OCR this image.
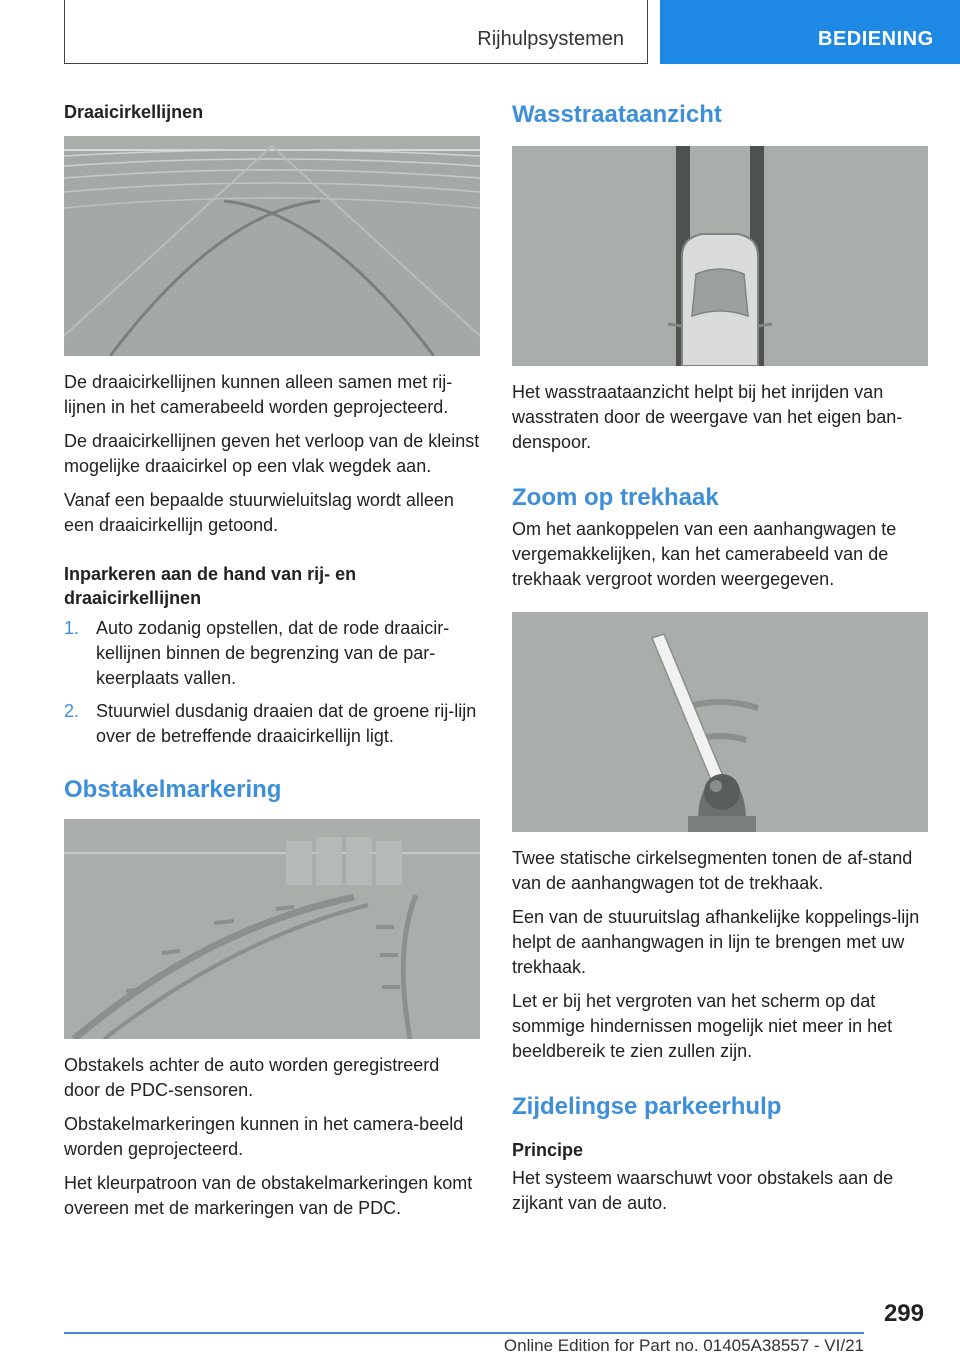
Rijhulpsystemen	BEDIENING
Draaicirkellijnen

De draaicirkellijnen kunnen alleen samen met rij-lijnen in het camerabeeld worden geprojecteerd.

De draaicirkellijnen geven het verloop van de kleinst mogelijke draaicirkel op een vlak wegdek aan.

Vanaf een bepaalde stuurwieluitslag wordt alleen een draaicirkellijn getoond.

Inparkeren aan de hand van rij- en draaicirkellijnen
1. Auto zodanig opstellen, dat de rode draaicir-kellijnen binnen de begrenzing van de par-keerplaats vallen.
2. Stuurwiel dusdanig draaien dat de groene rij-lijn over de betreffende draaicirkellijn ligt.
Obstakelmarkering

Obstakels achter de auto worden geregistreerd door de PDC-sensoren.

Obstakelmarkeringen kunnen in het camera-beeld worden geprojecteerd.

Het kleurpatroon van de obstakelmarkeringen komt overeen met de markeringen van de PDC.

Wasstraataanzicht

Het wasstraataanzicht helpt bij het inrijden van wasstraten door de weergave van het eigen ban-denspoor.

Zoom op trekhaak

Om het aankoppelen van een aanhangwagen te vergemakkelijken, kan het camerabeeld van de trekhaak vergroot worden weergegeven.

Twee statische cirkelsegmenten tonen de af-stand van de aanhangwagen tot de trekhaak.

Een van de stuuruitslag afhankelijke koppelings-lijn helpt de aanhangwagen in lijn te brengen met uw trekhaak.

Let er bij het vergroten van het scherm op dat sommige hindernissen mogelijk niet meer in het beeldbereik te zien zullen zijn.

Zijdelingse parkeerhulp
Principe

Het systeem waarschuwt voor obstakels aan de zijkant van de auto.

299
Online Edition for Part no. 01405A38557 - VI/21
